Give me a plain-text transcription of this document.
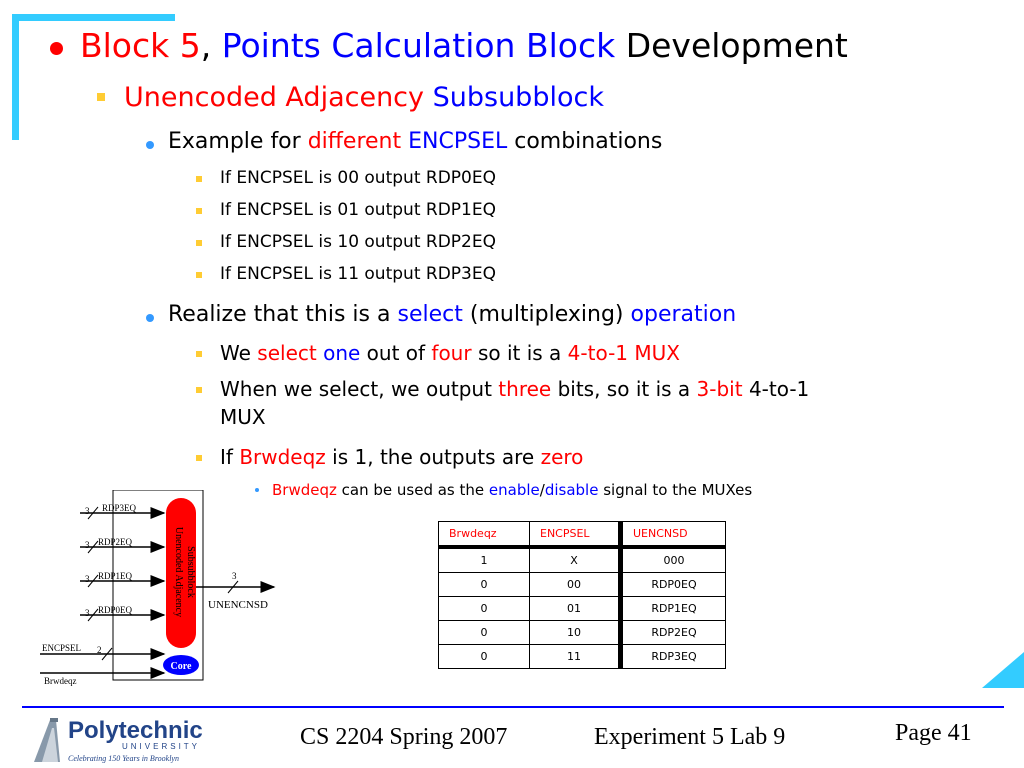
Block 5, Points Calculation Block Development
Unencoded Adjacency Subsubblock
Example for different ENCPSEL combinations
If ENCPSEL is 00 output RDP0EQ
If ENCPSEL is 01 output RDP1EQ
If ENCPSEL is 10 output RDP2EQ
If ENCPSEL is 11 output RDP3EQ
Realize that this is a select (multiplexing) operation
We select one out of four so it is a 4-to-1 MUX
When we select, we output three bits, so it is a 3-bit 4-to-1
MUX
If Brwdeqz is 1, the outputs are zero
Brwdeqz can be used as the enable/disable signal to the MUXes
Unencoded Adjacency Subsubblock
Core
3 RDP3EQ
3 RDP2EQ
3 RDP1EQ
3 RDP0EQ
ENCPSEL 2
Brwdeqz
3
UNENCNSD
Brwdeqz	ENCPSEL	UENCNSD
1	X	000
0	00	RDP0EQ
0	01	RDP1EQ
0	10	RDP2EQ
0	11	RDP3EQ
Polytechnic
UNIVERSITY
Celebrating 150 Years in Brooklyn
CS 2204 Spring 2007	Experiment 5 Lab 9	Page 41
